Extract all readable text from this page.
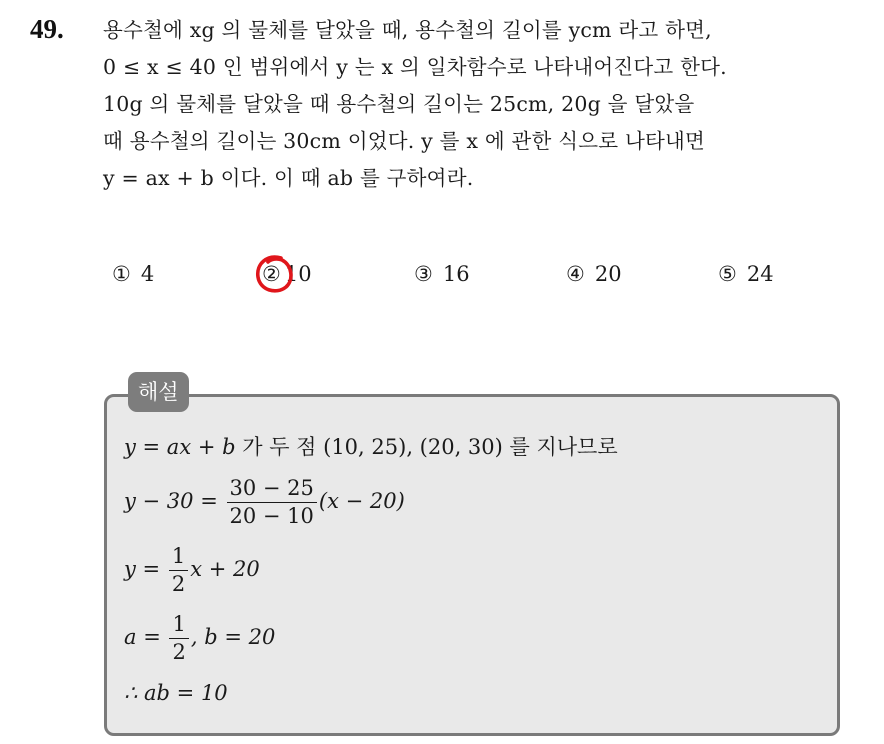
49. 용수철에 xg 의 물체를 달았을 때, 용수철의 길이를 ycm 라고 하면,
0 ≤ x ≤ 40 인 범위에서 y 는 x 의 일차함수로 나타내어진다고 한다.
10g 의 물체를 달았을 때 용수철의 길이는 25cm, 20g 을 달았을
때 용수철의 길이는 30cm 이었다. y 를 x 에 관한 식으로 나타내면
y = ax + b 이다. 이 때 ab 를 구하여라.
① 4	② 10	③ 16	④ 20	⑤ 24
해설
y = ax + b 가 두 점 (10, 25), (20, 30) 를 지나므로
$y - 30 = \frac{30 - 25}{20 - 10} (x - 20)$
$y = \frac{1}{2}$ x + 20
$a = \frac{1}{2}$ , b = 20
∴ ab = 10
